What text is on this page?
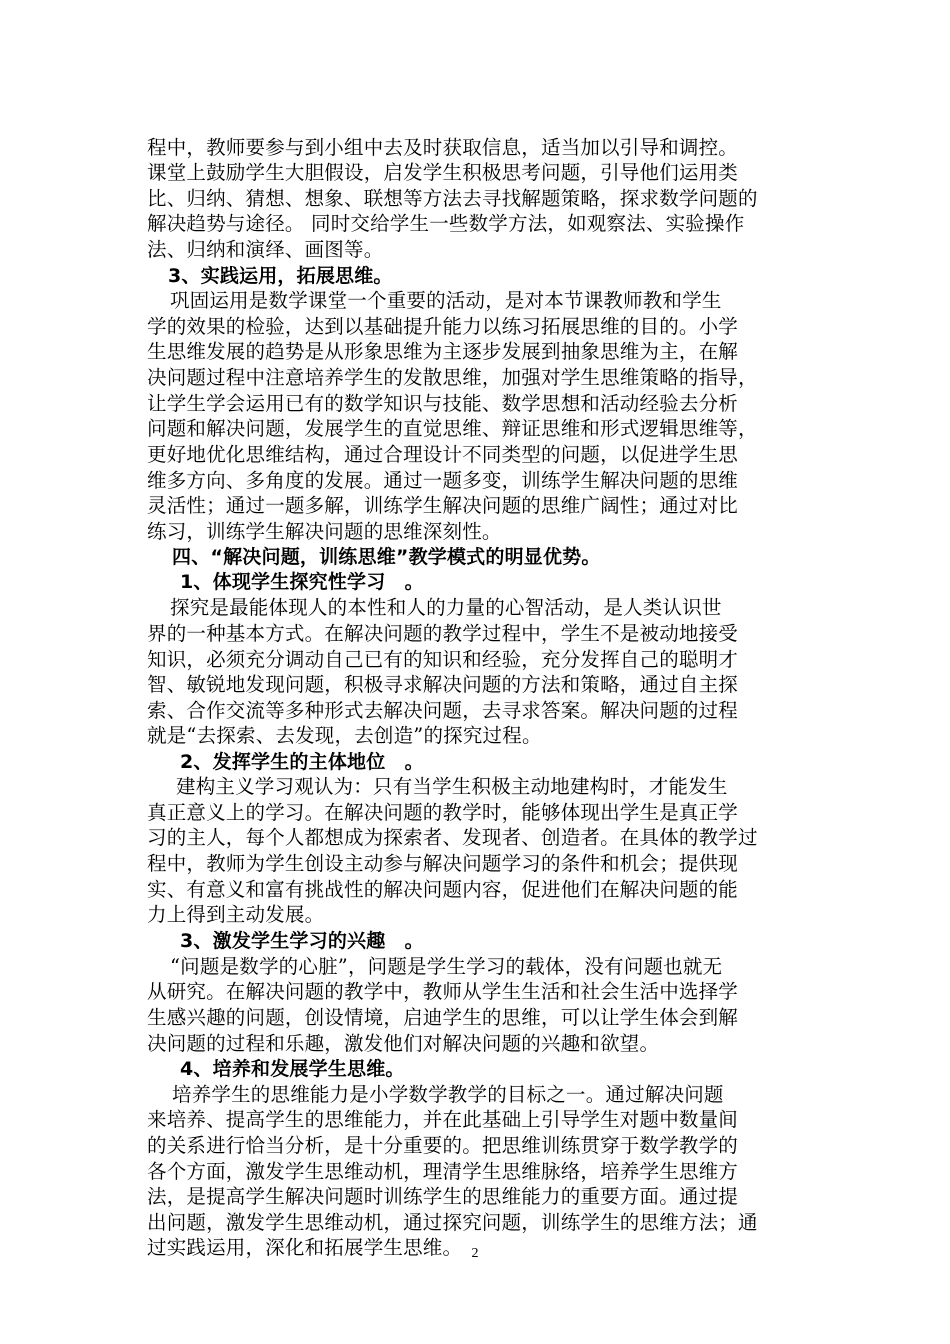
程中，教师要参与到小组中去及时获取信息，适当加以引导和调控。
课堂上鼓励学生大胆假设，启发学生积极思考问题，引导他们运用类
比、归纳、猜想、想象、联想等方法去寻找解题策略，探求数学问题的
解决趋势与途径。 同时交给学生一些数学方法，如观察法、实验操作
法、归纳和演绎、画图等。
3、实践运用，拓展思维。
巩固运用是数学课堂一个重要的活动，是对本节课教师教和学生
学的效果的检验，达到以基础提升能力以练习拓展思维的目的。小学
生思维发展的趋势是从形象思维为主逐步发展到抽象思维为主，在解
决问题过程中注意培养学生的发散思维，加强对学生思维策略的指导，
让学生学会运用已有的数学知识与技能、数学思想和活动经验去分析
问题和解决问题，发展学生的直觉思维、辩证思维和形式逻辑思维等，
更好地优化思维结构，通过合理设计不同类型的问题，以促进学生思
维多方向、多角度的发展。通过一题多变，训练学生解决问题的思维
灵活性；通过一题多解，训练学生解决问题的思维广阔性；通过对比
练习，训练学生解决问题的思维深刻性。
四、“解决问题，训练思维”教学模式的明显优势。
1、体现学生探究性学习　。
探究是最能体现人的本性和人的力量的心智活动，是人类认识世
界的一种基本方式。在解决问题的教学过程中，学生不是被动地接受
知识，必须充分调动自己已有的知识和经验，充分发挥自己的聪明才
智、敏锐地发现问题，积极寻求解决问题的方法和策略，通过自主探
索、合作交流等多种形式去解决问题，去寻求答案。解决问题的过程
就是“去探索、去发现，去创造”的探究过程。
2、发挥学生的主体地位　。
建构主义学习观认为：只有当学生积极主动地建构时，才能发生
真正意义上的学习。在解决问题的教学时，能够体现出学生是真正学
习的主人，每个人都想成为探索者、发现者、创造者。在具体的教学过
程中，教师为学生创设主动参与解决问题学习的条件和机会；提供现
实、有意义和富有挑战性的解决问题内容，促进他们在解决问题的能
力上得到主动发展。
3、激发学生学习的兴趣　。
“问题是数学的心脏”，问题是学生学习的载体，没有问题也就无
从研究。在解决问题的教学中，教师从学生生活和社会生活中选择学
生感兴趣的问题，创设情境，启迪学生的思维，可以让学生体会到解
决问题的过程和乐趣，激发他们对解决问题的兴趣和欲望。
4、培养和发展学生思维。
培养学生的思维能力是小学数学教学的目标之一。通过解决问题
来培养、提高学生的思维能力，并在此基础上引导学生对题中数量间
的关系进行恰当分析，是十分重要的。把思维训练贯穿于数学教学的
各个方面，激发学生思维动机，理清学生思维脉络，培养学生思维方
法，是提高学生解决问题时训练学生的思维能力的重要方面。通过提
出问题，激发学生思维动机，通过探究问题，训练学生的思维方法；通
过实践运用，深化和拓展学生思维。 2
